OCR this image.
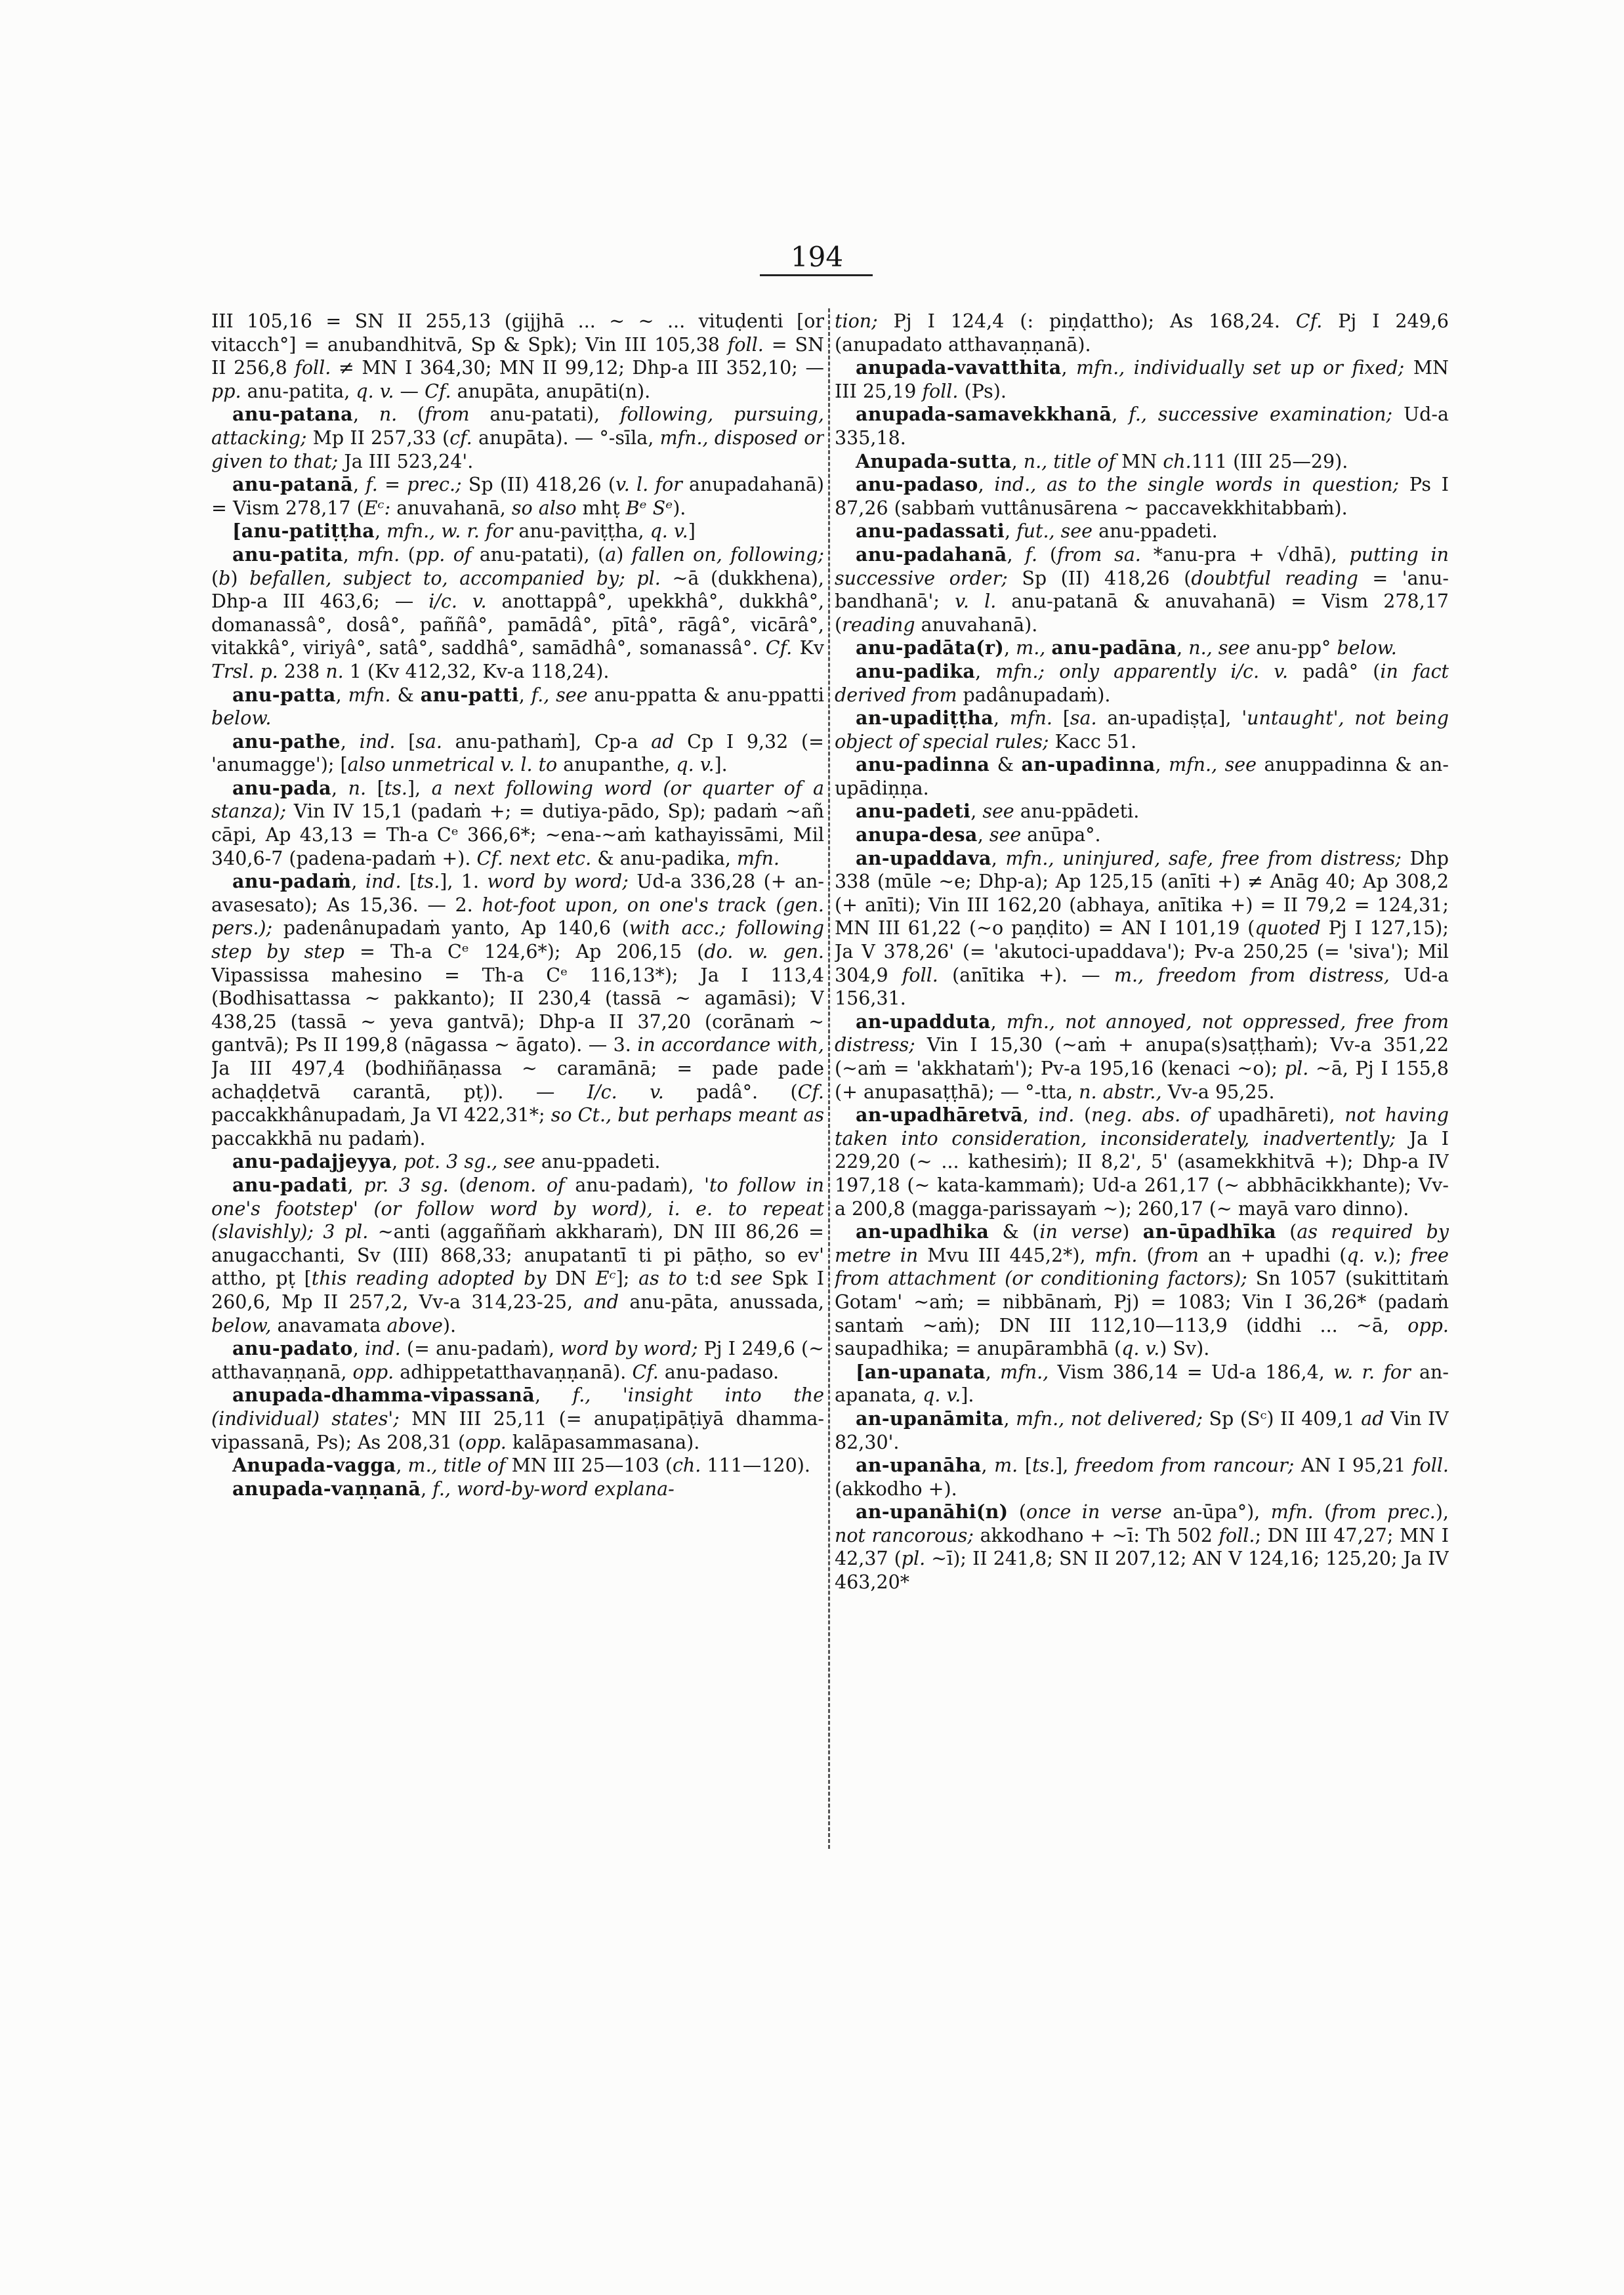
194

III 105,16 = SN II 255,13 (gijjhā ... ~ ~ ... vituḍenti [or vitacch°] = anubandhitvā, Sp & Spk); Vin III 105,38 foll. = SN II 256,8 foll. ≠ MN I 364,30; MN II 99,12; Dhp-a III 352,10; — pp. anu-patita, q. v. — Cf. anupāta, anupāti(n).

anu-patana, n. (from anu-patati), following, pursuing, attacking; Mp II 257,33 (cf. anupāta). — °-sīla, mfn., disposed or given to that; Ja III 523,24'.

anu-patanā, f. = prec.; Sp (II) 418,26 (v. l. for anupadahanā) = Vism 278,17 (Eᶜ: anuvahanā, so also mhṭ Bᵉ Sᵉ).

[anu-patiṭṭha, mfn., w. r. for anu-paviṭṭha, q. v.]

anu-patita, mfn. (pp. of anu-patati), (a) fallen on, following; (b) befallen, subject to, accompanied by; pl. ~ā (dukkhena), Dhp-a III 463,6; — i/c. v. anottappâ°, upekkhâ°, dukkhâ°, domanassâ°, dosâ°, paññâ°, pamādâ°, pītâ°, rāgâ°, vicārâ°, vitakkâ°, viriyâ°, satâ°, saddhâ°, samādhâ°, somanassâ°. Cf. Kv Trsl. p. 238 n. 1 (Kv 412,32, Kv-a 118,24).

anu-patta, mfn. & anu-patti, f., see anu-ppatta & anu-ppatti below.

anu-pathe, ind. [sa. anu-pathaṁ], Cp-a ad Cp I 9,32 (= 'anumagge'); [also unmetrical v. l. to anupanthe, q. v.].

anu-pada, n. [ts.], a next following word (or quarter of a stanza); Vin IV 15,1 (padaṁ +; = dutiya-pādo, Sp); padaṁ ~añ cāpi, Ap 43,13 = Th-a Cᵉ 366,6*; ~ena-~aṁ kathayissāmi, Mil 340,6-7 (padena-padaṁ +). Cf. next etc. & anu-padika, mfn.

anu-padaṁ, ind. [ts.], 1. word by word; Ud-a 336,28 (+ an-avasesato); As 15,36. — 2. hot-foot upon, on one's track (gen. pers.); padenânupadaṁ yanto, Ap 140,6 (with acc.; following step by step = Th-a Cᵉ 124,6*); Ap 206,15 (do. w. gen. Vipassissa mahesino = Th-a Cᵉ 116,13*); Ja I 113,4 (Bodhisattassa ~ pakkanto); II 230,4 (tassā ~ agamāsi); V 438,25 (tassā ~ yeva gantvā); Dhp-a II 37,20 (corānaṁ ~ gantvā); Ps II 199,8 (nāgassa ~ āgato). — 3. in accordance with, Ja III 497,4 (bodhiñāṇassa ~ caramānā; = pade pade achaḍḍetvā carantā, pṭ)). — I/c. v. padâ°. (Cf. paccakkhânupadaṁ, Ja VI 422,31*; so Ct., but perhaps meant as paccakkhā nu padaṁ).

anu-padajjeyya, pot. 3 sg., see anu-ppadeti.

anu-padati, pr. 3 sg. (denom. of anu-padaṁ), 'to follow in one's footstep' (or follow word by word), i. e. to repeat (slavishly); 3 pl. ~anti (aggaññaṁ akkharaṁ), DN III 86,26 = anugacchanti, Sv (III) 868,33; anupatantī ti pi pāṭho, so ev' attho, pṭ [this reading adopted by DN Eᶜ]; as to t:d see Spk I 260,6, Mp II 257,2, Vv-a 314,23-25, and anu-pāta, anussada, below, anavamata above).

anu-padato, ind. (= anu-padaṁ), word by word; Pj I 249,6 (~ atthavaṇṇanā, opp. adhippetatthavaṇṇanā). Cf. anu-padaso.

anupada-dhamma-vipassanā, f., 'insight into the (individual) states'; MN III 25,11 (= anupaṭipāṭiyā dhamma-vipassanā, Ps); As 208,31 (opp. kalāpasammasana).

Anupada-vagga, m., title of MN III 25—103 (ch. 111—120).

anupada-vaṇṇanā, f., word-by-word explana-

tion; Pj I 124,4 (: piṇḍattho); As 168,24. Cf. Pj I 249,6 (anupadato atthavaṇṇanā).

anupada-vavatthita, mfn., individually set up or fixed; MN III 25,19 foll. (Ps).

anupada-samavekkhanā, f., successive examination; Ud-a 335,18.

Anupada-sutta, n., title of MN ch.111 (III 25—29).

anu-padaso, ind., as to the single words in question; Ps I 87,26 (sabbaṁ vuttânusārena ~ paccavekkhitabbaṁ).

anu-padassati, fut., see anu-ppadeti.

anu-padahanā, f. (from sa. *anu-pra + √dhā), putting in successive order; Sp (II) 418,26 (doubtful reading = 'anu-bandhanā'; v. l. anu-patanā & anuvahanā) = Vism 278,17 (reading anuvahanā).

anu-padāta(r), m., anu-padāna, n., see anu-pp° below.

anu-padika, mfn.; only apparently i/c. v. padâ° (in fact derived from padânupadaṁ).

an-upadiṭṭha, mfn. [sa. an-upadiṣṭa], 'untaught', not being object of special rules; Kacc 51.

anu-padinna & an-upadinna, mfn., see anuppadinna & an-upādiṇṇa.

anu-padeti, see anu-ppādeti.

anupa-desa, see anūpa°.

an-upaddava, mfn., uninjured, safe, free from distress; Dhp 338 (mūle ~e; Dhp-a); Ap 125,15 (anīti +) ≠ Anāg 40; Ap 308,2 (+ anīti); Vin III 162,20 (abhaya, anītika +) = II 79,2 = 124,31; MN III 61,22 (~o paṇḍito) = AN I 101,19 (quoted Pj I 127,15); Ja V 378,26' (= 'akutoci-upaddava'); Pv-a 250,25 (= 'siva'); Mil 304,9 foll. (anītika +). — m., freedom from distress, Ud-a 156,31.

an-upadduta, mfn., not annoyed, not oppressed, free from distress; Vin I 15,30 (~aṁ + anupa(s)saṭṭhaṁ); Vv-a 351,22 (~aṁ = 'akkhataṁ'); Pv-a 195,16 (kenaci ~o); pl. ~ā, Pj I 155,8 (+ anupasaṭṭhā); — °-tta, n. abstr., Vv-a 95,25.

an-upadhāretvā, ind. (neg. abs. of upadhāreti), not having taken into consideration, inconsiderately, inadvertently; Ja I 229,20 (~ ... kathesiṁ); II 8,2', 5' (asamekkhitvā +); Dhp-a IV 197,18 (~ kata-kammaṁ); Ud-a 261,17 (~ abbhācikkhante); Vv-a 200,8 (magga-parissayaṁ ~); 260,17 (~ mayā varo dinno).

an-upadhika & (in verse) an-ūpadhīka (as required by metre in Mvu III 445,2*), mfn. (from an + upadhi (q. v.); free from attachment (or conditioning factors); Sn 1057 (sukittitaṁ Gotam' ~aṁ; = nibbānaṁ, Pj) = 1083; Vin I 36,26* (padaṁ santaṁ ~aṁ); DN III 112,10—113,9 (iddhi ... ~ā, opp. saupadhika; = anupārambhā (q. v.) Sv).

[an-upanata, mfn., Vism 386,14 = Ud-a 186,4, w. r. for an-apanata, q. v.].

an-upanāmita, mfn., not delivered; Sp (Sᶜ) II 409,1 ad Vin IV 82,30'.

an-upanāha, m. [ts.], freedom from rancour; AN I 95,21 foll. (akkodho +).

an-upanāhi(n) (once in verse an-ūpa°), mfn. (from prec.), not rancorous; akkodhano + ~ī: Th 502 foll.; DN III 47,27; MN I 42,37 (pl. ~ī); II 241,8; SN II 207,12; AN V 124,16; 125,20; Ja IV 463,20*
